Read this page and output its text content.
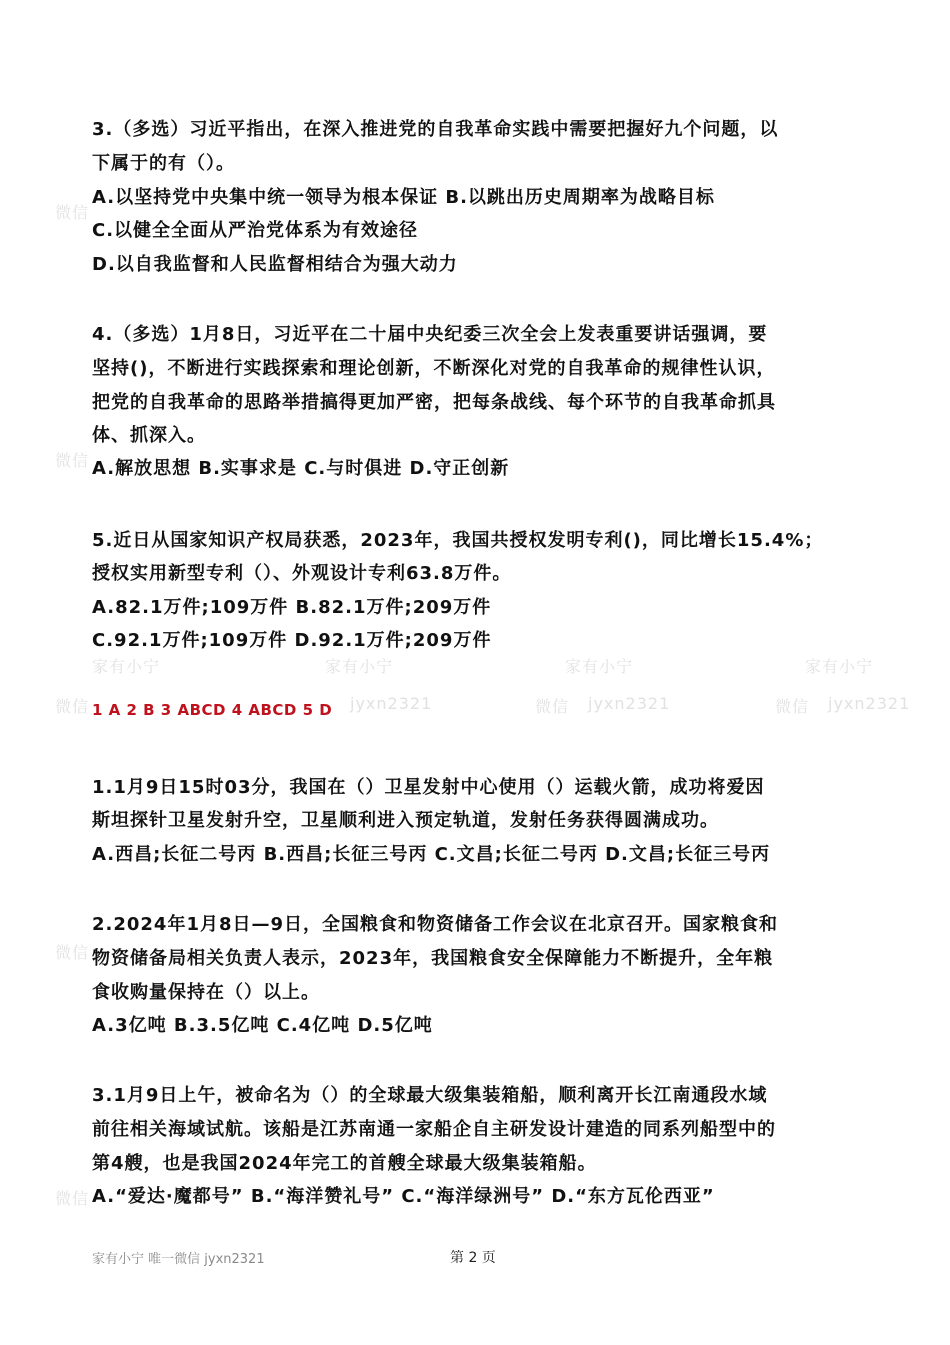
家有小宁	家有小宁	家有小宁	家有小宁
微信	jyxn2321	微信 jyxn2321	微信 jyxn2321
微信
微信
微信
微信

3.（多选）习近平指出，在深入推进党的自我革命实践中需要把握好九个问题，以

下属于的有（）。

A.以坚持党中央集中统一领导为根本保证 B.以跳出历史周期率为战略目标

C.以健全全面从严治党体系为有效途径

D.以自我监督和人民监督相结合为强大动力

4.（多选）1月8日，习近平在二十届中央纪委三次全会上发表重要讲话强调，要

坚持()，不断进行实践探索和理论创新，不断深化对党的自我革命的规律性认识，

把党的自我革命的思路举措搞得更加严密，把每条战线、每个环节的自我革命抓具

体、抓深入。

A.解放思想 B.实事求是 C.与时俱进 D.守正创新

5.近日从国家知识产权局获悉，2023年，我国共授权发明专利()，同比增长15.4%；

授权实用新型专利（）、外观设计专利63.8万件。

A.82.1万件;109万件 B.82.1万件;209万件

C.92.1万件;109万件 D.92.1万件;209万件

1 A 2 B 3 ABCD 4 ABCD 5 D

1.1月9日15时03分，我国在（）卫星发射中心使用（）运载火箭，成功将爱因

斯坦探针卫星发射升空，卫星顺利进入预定轨道，发射任务获得圆满成功。

A.西昌;长征二号丙 B.西昌;长征三号丙 C.文昌;长征二号丙 D.文昌;长征三号丙

2.2024年1月8日—9日，全国粮食和物资储备工作会议在北京召开。国家粮食和

物资储备局相关负责人表示，2023年，我国粮食安全保障能力不断提升，全年粮

食收购量保持在（）以上。

A.3亿吨 B.3.5亿吨 C.4亿吨 D.5亿吨

3.1月9日上午，被命名为（）的全球最大级集装箱船，顺利离开长江南通段水域

前往相关海域试航。该船是江苏南通一家船企自主研发设计建造的同系列船型中的

第4艘，也是我国2024年完工的首艘全球最大级集装箱船。

A.“爱达·魔都号” B.“海洋赞礼号” C.“海洋绿洲号” D.“东方瓦伦西亚”

家有小宁 唯一微信 jyxn2321	第 2 页
